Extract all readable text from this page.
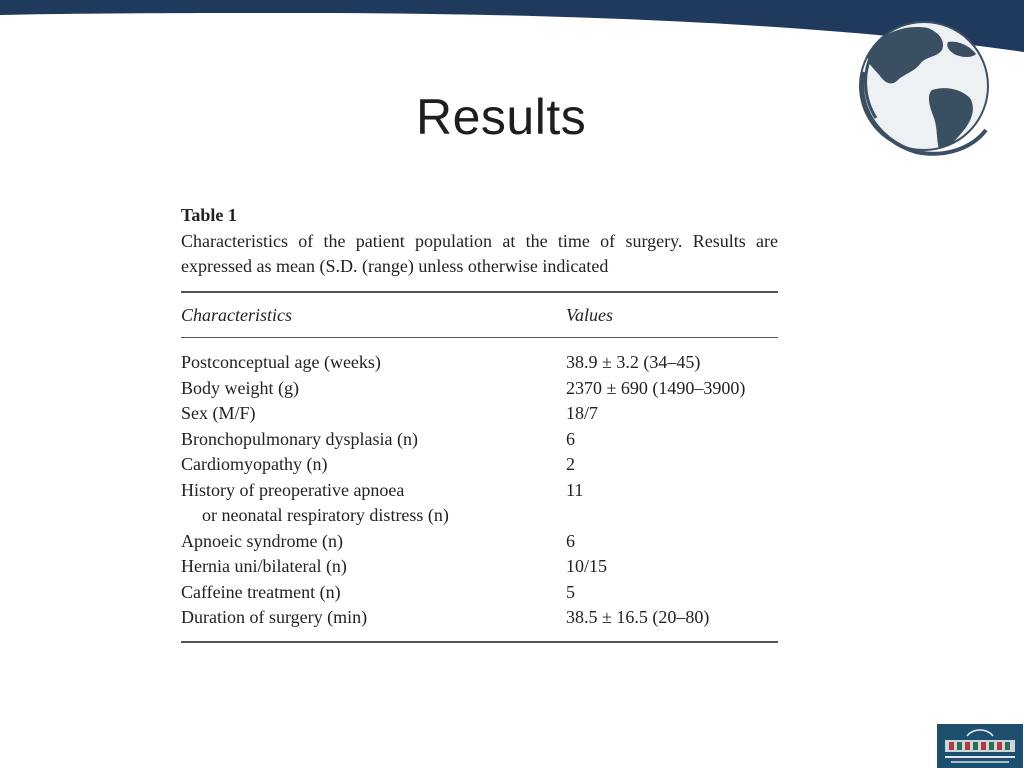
Results
Table 1
Characteristics of the patient population at the time of surgery. Results are expressed as mean (S.D. (range) unless otherwise indicated
Characteristics	Values
Postconceptual age (weeks)	38.9 ± 3.2 (34–45)
Body weight (g)	2370 ± 690 (1490–3900)
Sex (M/F)	18/7
Bronchopulmonary dysplasia (n)	6
Cardiomyopathy (n)	2
History of preoperative apnoea	11
or neonatal respiratory distress (n)
Apnoeic syndrome (n)	6
Hernia uni/bilateral (n)	10/15
Caffeine treatment (n)	5
Duration of surgery (min)	38.5 ± 16.5 (20–80)
